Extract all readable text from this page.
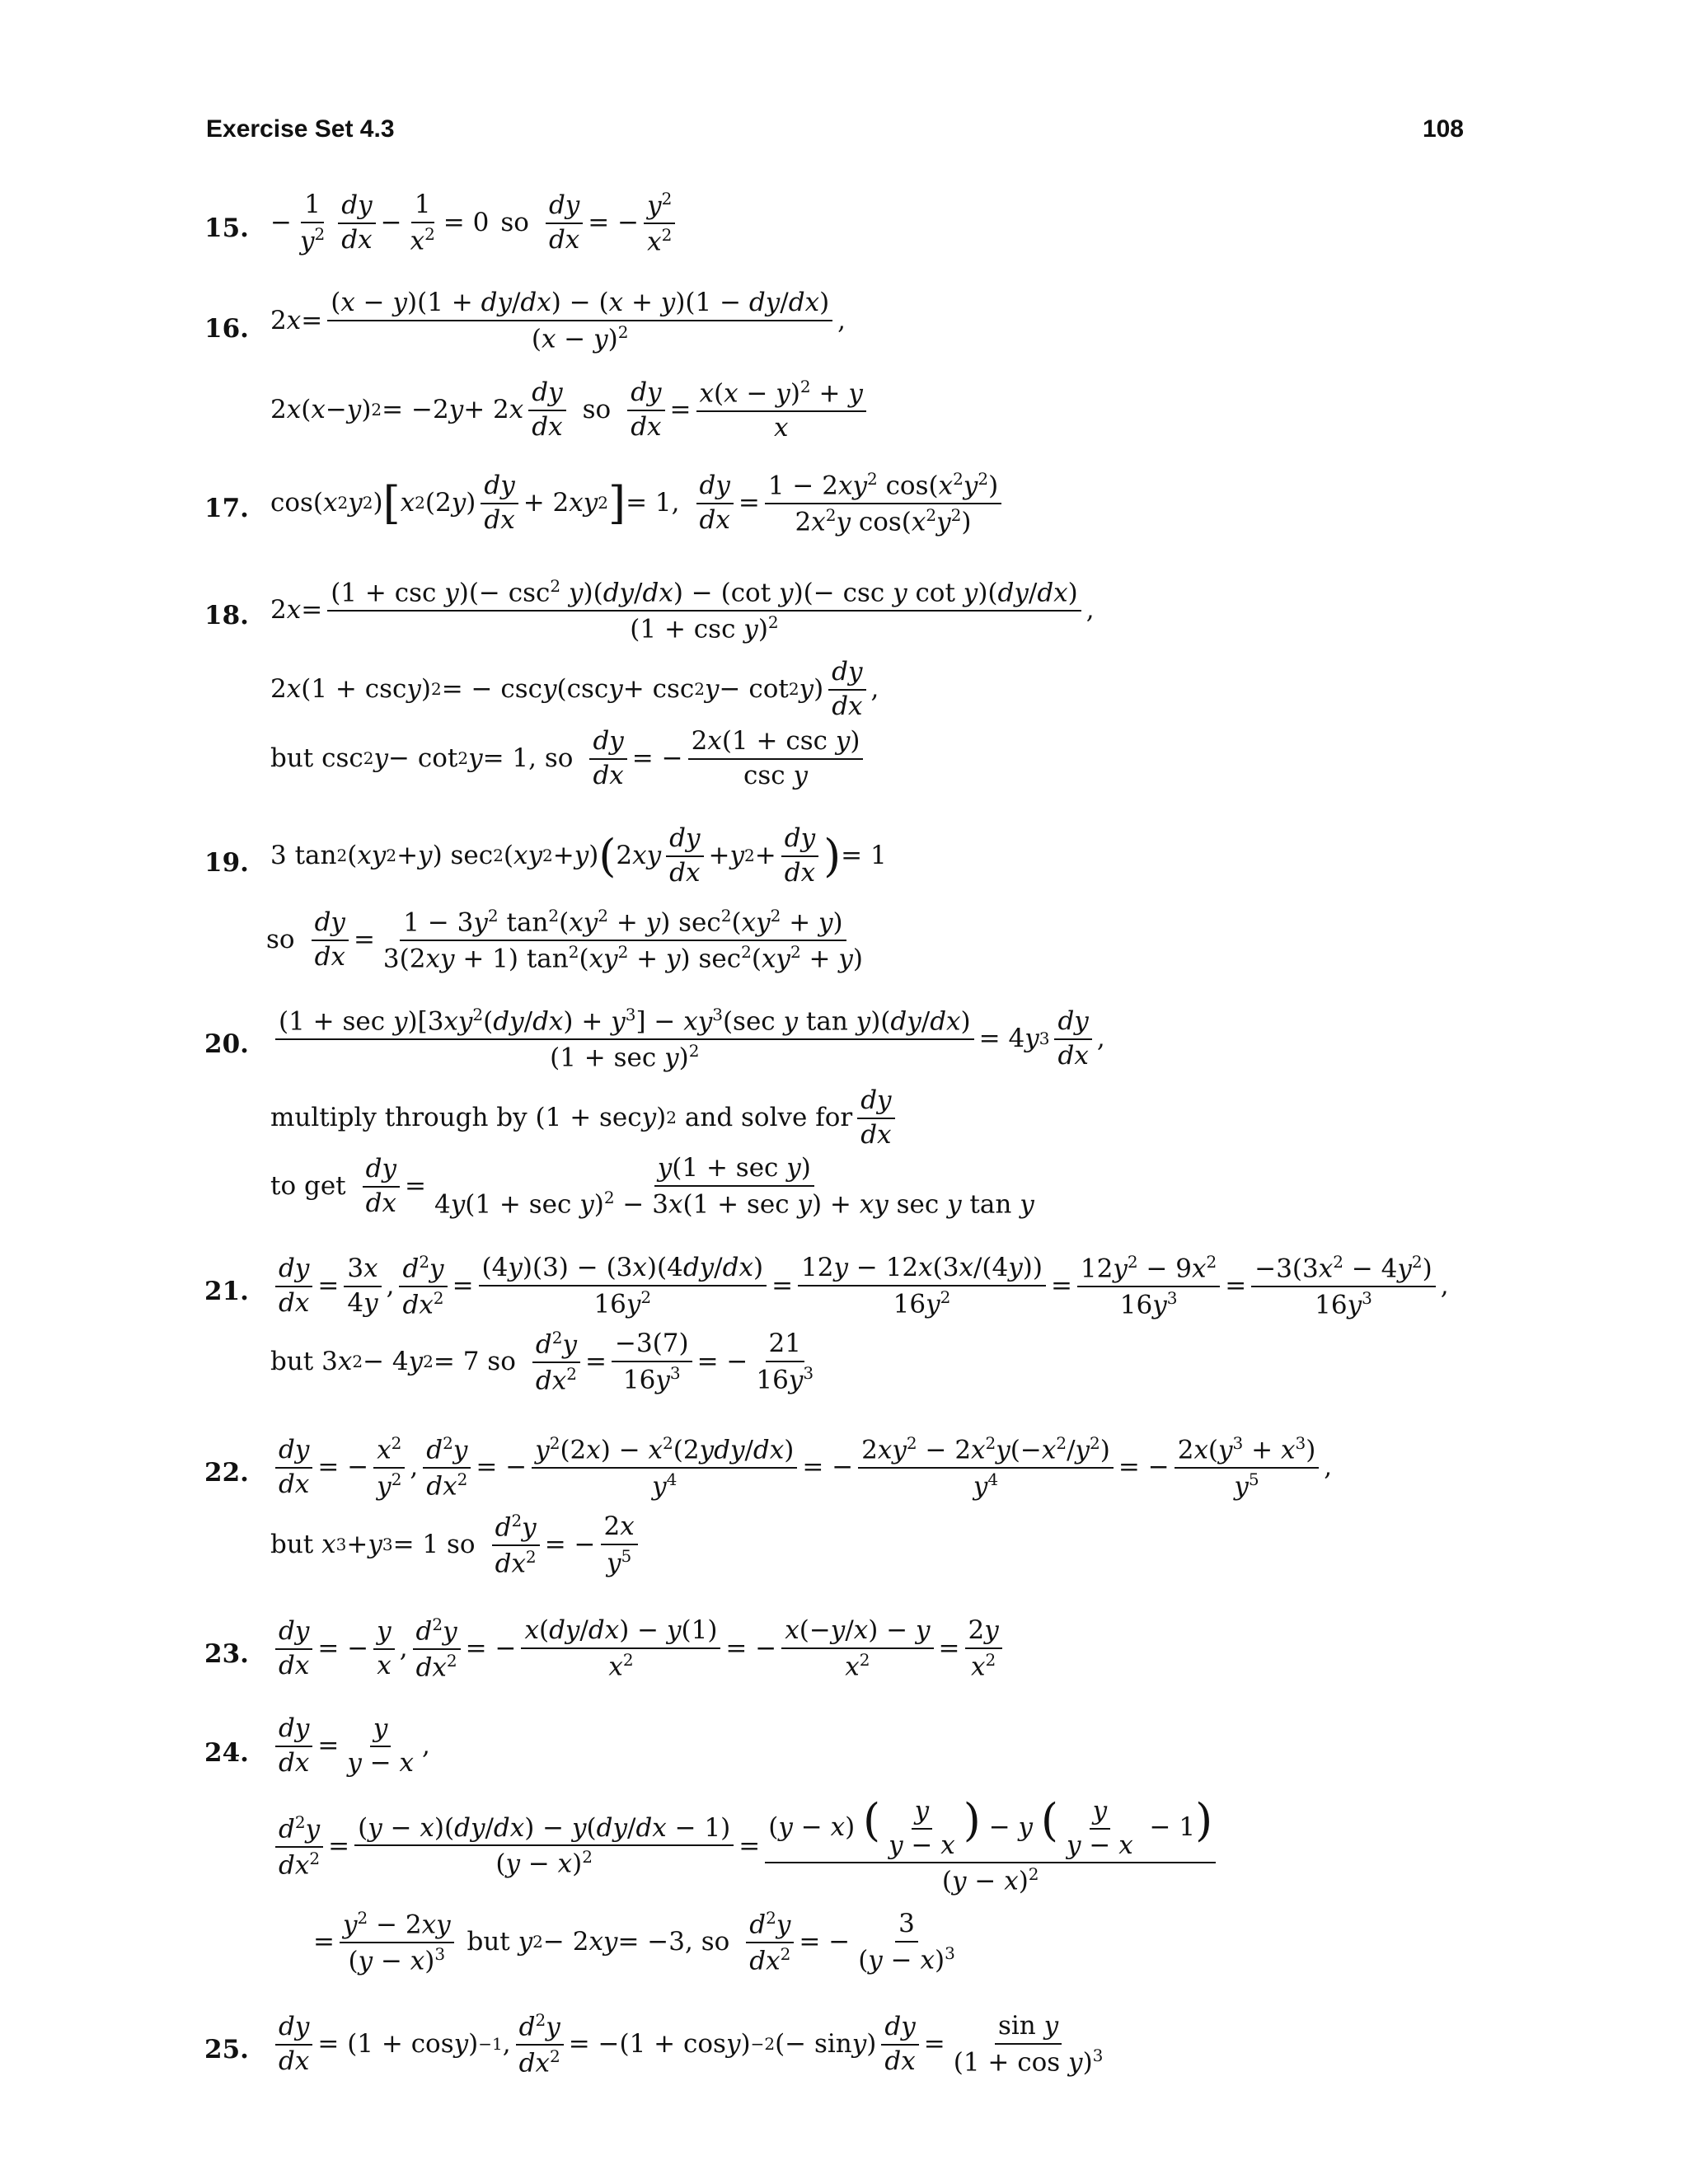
Exercise Set 4.3	108
15. − $\frac{1}{y^2} \frac{dy}{dx} - \frac{1}{x^2} = 0$ so $\frac{dy}{dx}$ = − $\frac{y^2}{x^2}$
16. 2 $x = \frac{(x - y)(1 + dy/dx) - (x + y)(1 - dy/dx)}{(x - y)^2}$ ,
2 x ( x − y ) 2 = −2 y + 2 x $\frac{dy}{dx}$ so $\frac{dy}{dx} = \frac{x(x - y)^2 + y}{x}$
17. cos( x 2 y 2 ) [ x 2 (2 y ) $\frac{dy}{dx} + 2$ xy 2 ] = 1, $\frac{dy}{dx} = \frac{1 - 2xy^2 \cos(x^2y^2)}{2x^2y \cos(x^2y^2)}$
18. 2 $x = \frac{(1 + \csc y)(- \csc^2 y)(dy/dx) - (\cot y)(- \csc y \cot y)(dy/dx)}{(1 + \csc y)^2}$ ,
2 x (1 + csc y ) 2 = − csc y (csc y + csc 2 y − cot 2 y ) $\frac{dy}{dx}$ ,
but csc 2 y − cot 2 y = 1, so $\frac{dy}{dx}$ = − $\frac{\text{2x(1 + csc y)}}{\text{csc y}}$
19. 3 tan 2 ( xy 2 + y ) sec 2 ( xy 2 + y ) ( 2 xy $\frac{dy}{dx} + y$ $2 + \frac{dy}{dx}$ ) = 1
so $\frac{dy}{dx} = \frac{1 - 3y^2 \tan^2(xy^2 + y) \sec^2(xy^2 + y)}{3(2xy + 1) \tan^2(xy^2 + y) \sec^2(xy^2 + y)}$
20. $\frac{(1 + \sec y)[3xy^2(dy/dx) + y^3] - xy^3(\sec y \tan y)(dy/dx)}{(1 + \sec y)^2} = 4$ y $3 \frac{dy}{dx}$ ,
multiply through by (1 + sec y ) 2
and solve for $\frac{dy}{dx}$
to get $\frac{dy}{dx} = \frac{\text{y(1 + sec y)}}{4y(1 + \sec y)^2 - 3x(1 + \sec y) + xy \sec y \tan y}$
21. $\frac{dy}{dx} = \frac{3x}{4y}$ , $\frac{d^2y}{dx^2} = \frac{(4y)(3) - (3x)(4dy/dx)}{16y^2} = \frac{12y - 12x(3x/(4y))}{16y^2} = \frac{12y^2 - 9x^2}{16y^3} = \frac{-3(3x^2 - 4y^2)}{16y^3}$ ,
but 3 x 2 − 4 y 2 = 7 so $\frac{d^2y}{dx^2} = \frac{-3(7)}{16y^3}$ = − $\frac{21}{16y^3}$
22. $\frac{dy}{dx}$ = − $\frac{x^2}{y^2}$ , $\frac{d^2y}{dx^2}$ = − $\frac{y^2(2x) - x^2(2ydy/dx)}{y^4}$ = − $\frac{2xy^2 - 2x^2y(-x^2/y^2)}{y^4}$ = − $\frac{2x(y^3 + x^3)}{y^5}$ ,
but
x 3 + y 3 = 1 so $\frac{d^2y}{dx^2}$ = − $\frac{2x}{y^5}$
23. $\frac{dy}{dx}$ = − $\frac{y}{x}$ , $\frac{d^2y}{dx^2}$ = − $\frac{x(dy/dx) - y(1)}{x^2}$ = − $\frac{x(-y/x) - y}{x^2} = \frac{2y}{x^2}$
24. $\frac{dy}{dx} = \frac{y}{y - x}$ ,
$\frac{d^2y}{dx^2} = \frac{(y - x)(dy/dx) - y(dy/dx - 1)}{(y - x)^2} = \frac{(y - x) ( \frac{y}{y - x} ) - y ( \frac{y}{y - x} - 1)}{(y - x)^2}$
= $\frac{y^2 - 2xy}{(y - x)^3}$
but
y 2 − 2 xy = −3, so $\frac{d^2y}{dx^2}$ = − $\frac{3}{(y - x)^3}$
25. $\frac{dy}{dx} = (1 + \cos y$ ) −1 , $\frac{d^2y}{dx^2} = -(1 + \cos y$ ) −2 (− sin y ) $\frac{dy}{dx} = \frac{\text{sin y}}{(1 + \cos y)^3}$
